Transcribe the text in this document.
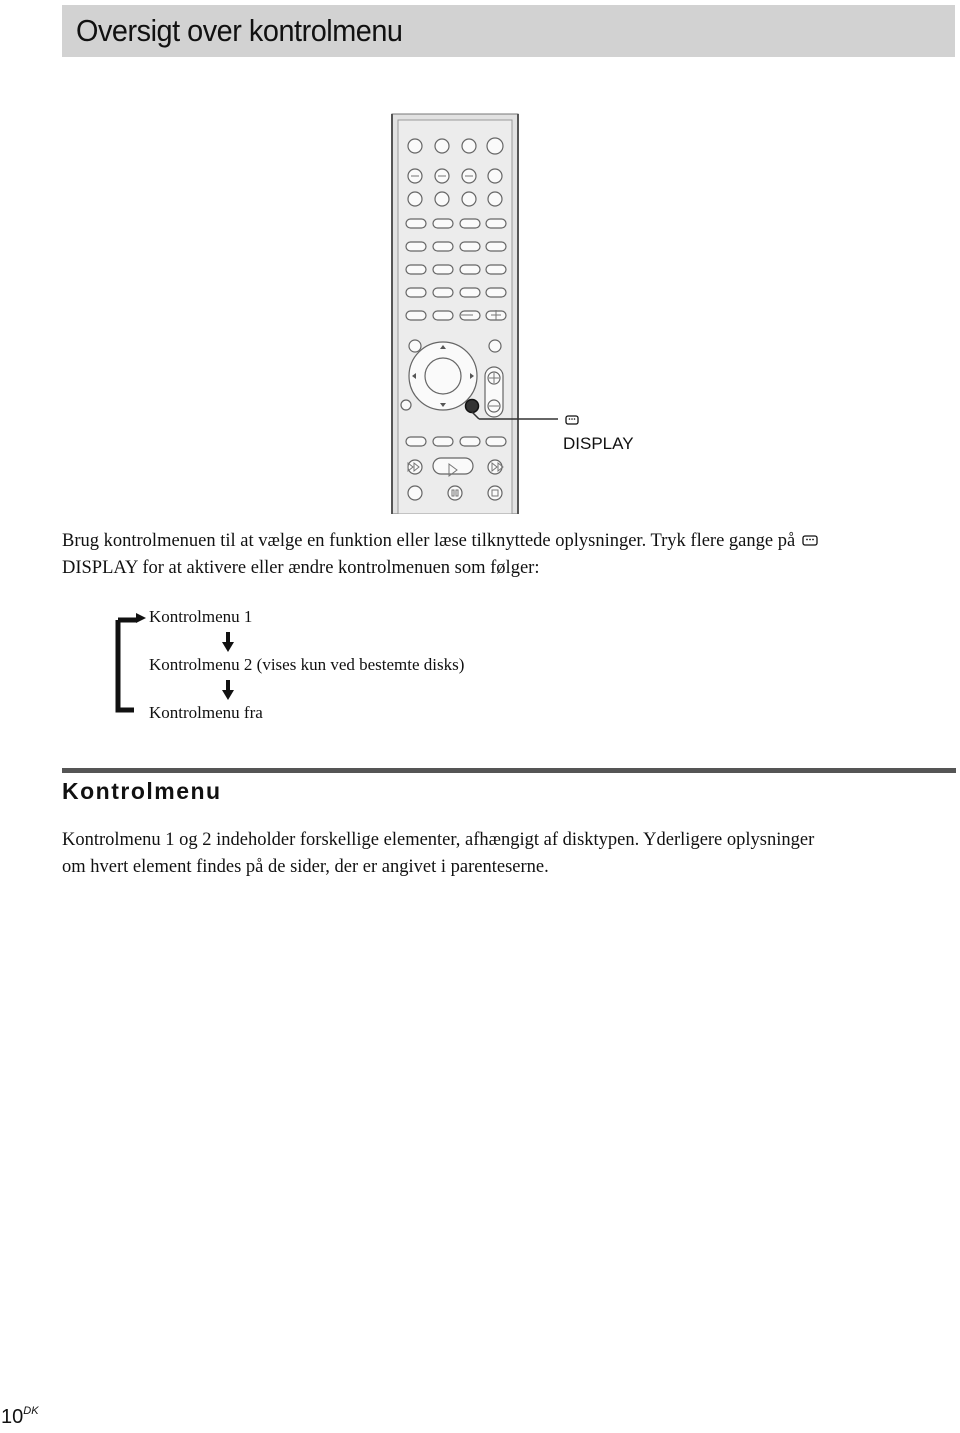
Oversigt over kontrolmenu
DISPLAY
Brug kontrolmenuen til at vælge en funktion eller læse tilknyttede oplysninger. Tryk flere gange på
DISPLAY for at aktivere eller ændre kontrolmenuen som følger:
Kontrolmenu 1
Kontrolmenu 2 (vises kun ved bestemte disks)
Kontrolmenu fra
Kontrolmenu
Kontrolmenu 1 og 2 indeholder forskellige elementer, afhængigt af disktypen. Yderligere oplysninger
om hvert element findes på de sider, der er angivet i parenteserne.
$10^{DK}$
